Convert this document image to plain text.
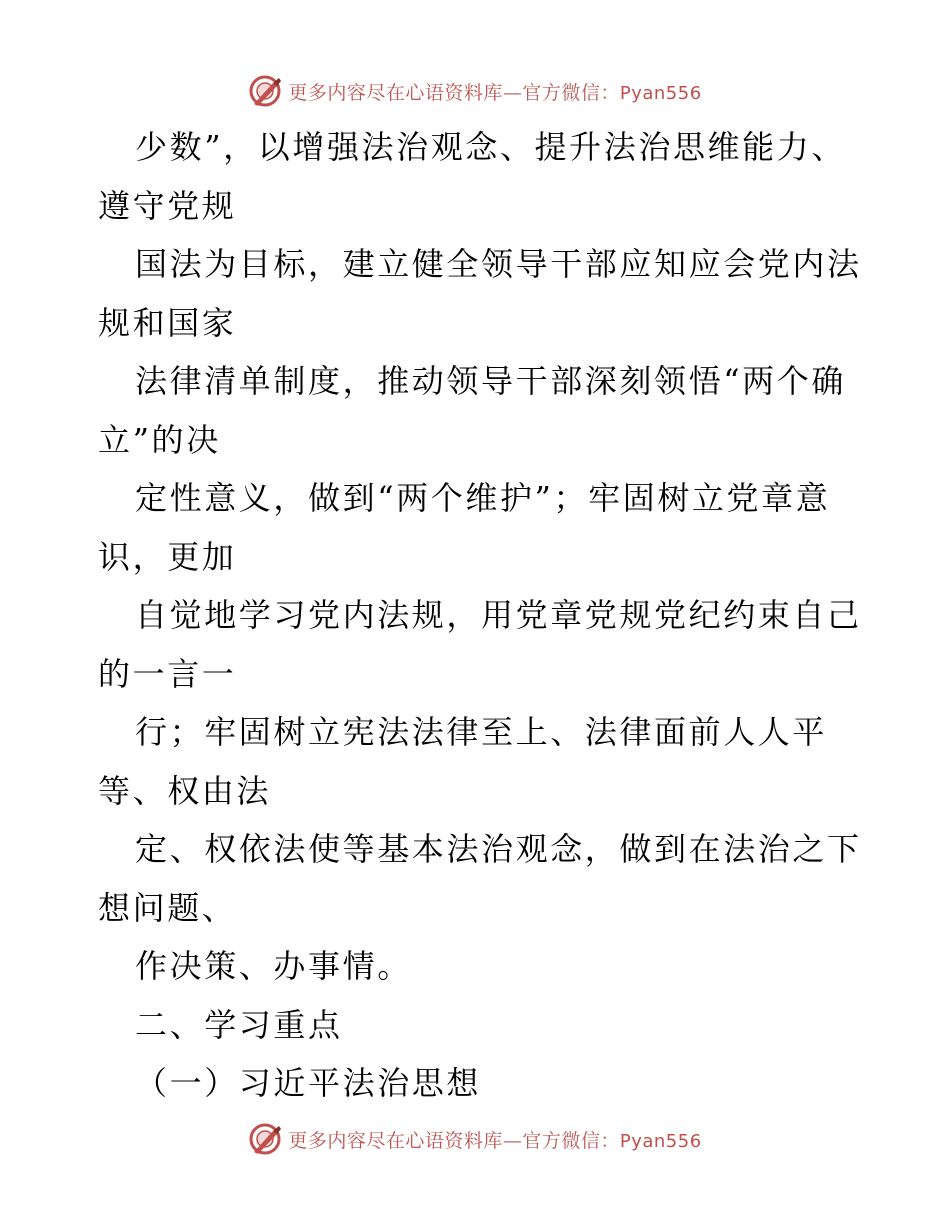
更多内容尽在心语资料库—官方微信：Pyan556
少数”，以增强法治观念、提升法治思维能力、
遵守党规
国法为目标，建立健全领导干部应知应会党内法
规和国家
法律清单制度，推动领导干部深刻领悟“两个确
立”的决
定性意义，做到“两个维护”；牢固树立党章意
识，更加
自觉地学习党内法规，用党章党规党纪约束自己
的一言一
行；牢固树立宪法法律至上、法律面前人人平
等、权由法
定、权依法使等基本法治观念，做到在法治之下
想问题、
作决策、办事情。
二、学习重点
（一）习近平法治思想
更多内容尽在心语资料库—官方微信：Pyan556
